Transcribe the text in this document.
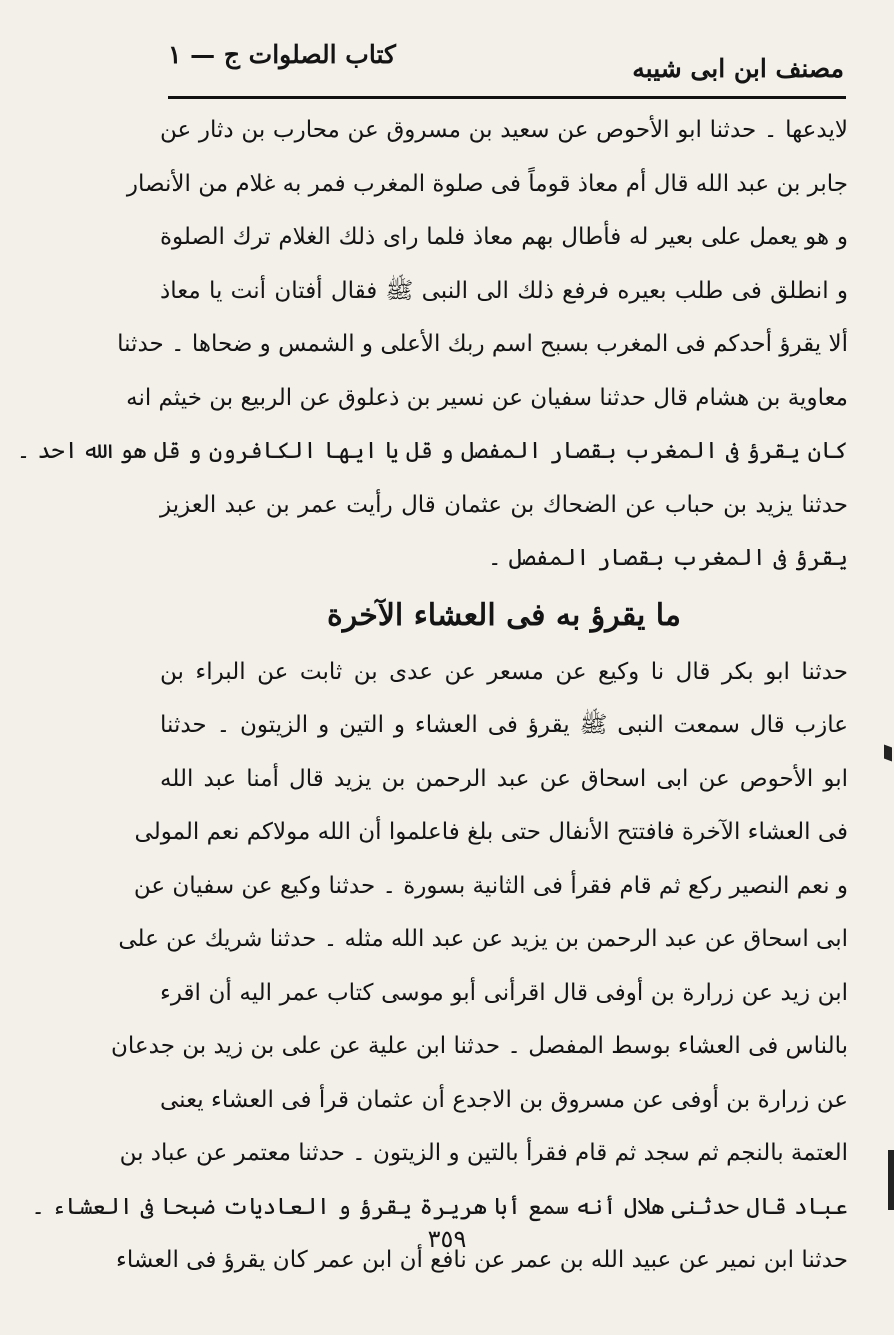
كتاب الصلوات ج — ١	مصنف ابن ابى شيبه
لايدعها ۔ حدثنا ابو الأحوص عن سعيد بن مسروق عن محارب بن دثار عن
جابر بن عبد الله قال أم معاذ قوماً فى صلوة المغرب فمر به غلام من الأنصار
و هو يعمل على بعير له فأطال بهم معاذ فلما راى ذلك الغلام ترك الصلوة
و انطلق فى طلب بعيره فرفع ذلك الى النبى ﷺ فقال أفتان أنت يا معاذ
ألا يقرؤ أحدكم فى المغرب بسبح اسم ربك الأعلى و الشمس و ضحاها ۔ حدثنا
معاوية بن هشام قال حدثنا سفيان عن نسير بن ذعلوق عن الربيع بن خيثم انه
كان يقرؤ فى المغرب بقصار المفصل و قل يا ايها الكافرون و قل هو الله احد ۔
حدثنا يزيد بن حباب عن الضحاك بن عثمان قال رأيت عمر بن عبد العزيز
يقرؤ فى المغرب بقصار المفصل ۔
ما يقرؤ به فى العشاء الآخرة
حدثنا ابو بكر قال نا وكيع عن مسعر عن عدى بن ثابت عن البراء بن
عازب قال سمعت النبى ﷺ يقرؤ فى العشاء و التين و الزيتون ۔ حدثنا
ابو الأحوص عن ابى اسحاق عن عبد الرحمن بن يزيد قال أمنا عبد الله
فى العشاء الآخرة فافتتح الأنفال حتى بلغ فاعلموا أن الله مولاكم نعم المولى
و نعم النصير ركع ثم قام فقرأ فى الثانية بسورة ۔ حدثنا وكيع عن سفيان عن
ابى اسحاق عن عبد الرحمن بن يزيد عن عبد الله مثله ۔ حدثنا شريك عن على
ابن زيد عن زرارة بن أوفى قال اقرأنى أبو موسى كتاب عمر اليه أن اقرء
بالناس فى العشاء بوسط المفصل ۔ حدثنا ابن علية عن على بن زيد بن جدعان
عن زرارة بن أوفى عن مسروق بن الاجدع أن عثمان قرأ فى العشاء يعنى
العتمة بالنجم ثم سجد ثم قام فقرأ بالتين و الزيتون ۔ حدثنا معتمر عن عباد بن
عباد قال حدثنى هلال أنه سمع أبا هريرة يقرؤ و العاديات ضبحا فى العشاء ۔
حدثنا ابن نمير عن عبيد الله بن عمر عن نافع أن ابن عمر كان يقرؤ فى العشاء
٣٥٩
